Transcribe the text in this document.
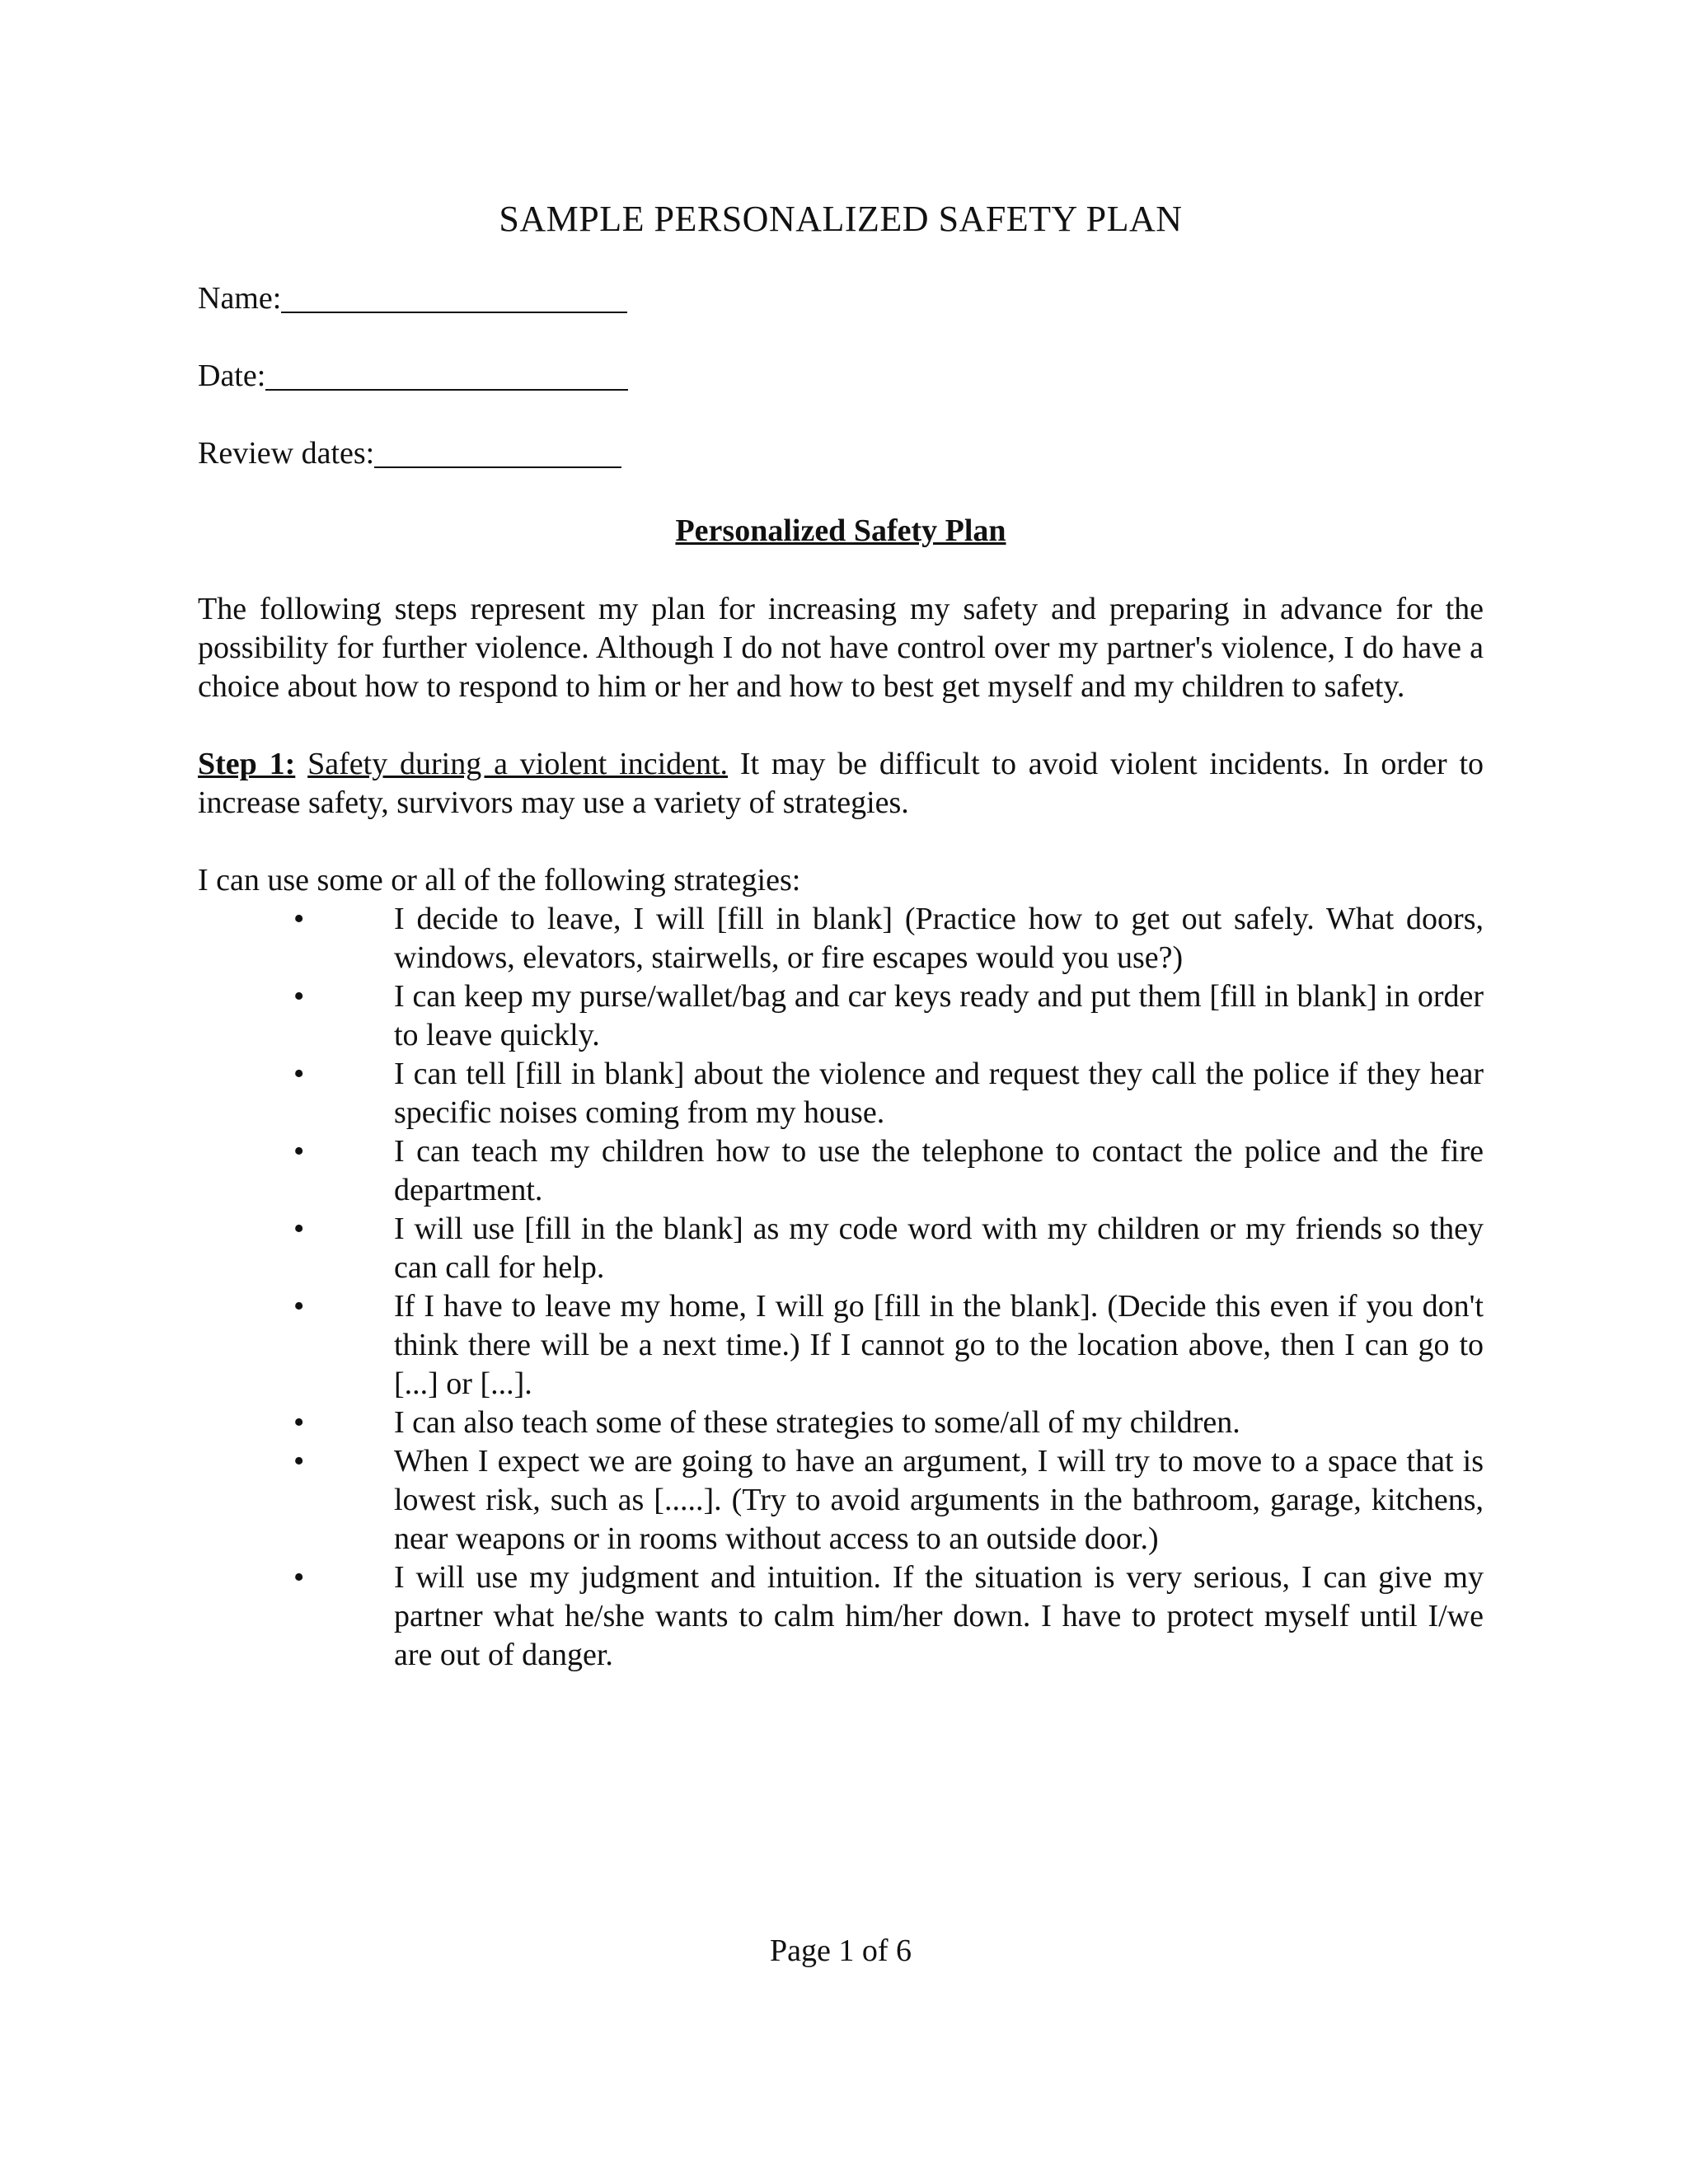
SAMPLE PERSONALIZED SAFETY PLAN
Name:
Date:
Review dates:
Personalized Safety Plan
The following steps represent my plan for increasing my safety and preparing in advance for the possibility for further violence. Although I do not have control over my partner's violence, I do have a choice about how to respond to him or her and how to best get myself and my children to safety.
Step 1: Safety during a violent incident. It may be difficult to avoid violent incidents. In order to increase safety, survivors may use a variety of strategies.
I can use some or all of the following strategies:
•	I decide to leave, I will [fill in blank] (Practice how to get out safely. What doors, windows, elevators, stairwells, or fire escapes would you use?)
•	I can keep my purse/wallet/bag and car keys ready and put them [fill in blank] in order to leave quickly.
•	I can tell [fill in blank] about the violence and request they call the police if they hear specific noises coming from my house.
•	I can teach my children how to use the telephone to contact the police and the fire department.
•	I will use [fill in the blank] as my code word with my children or my friends so they can call for help.
•	If I have to leave my home, I will go [fill in the blank]. (Decide this even if you don't think there will be a next time.) If I cannot go to the location above, then I can go to [...] or [...].
•	I can also teach some of these strategies to some/all of my children.
•	When I expect we are going to have an argument, I will try to move to a space that is lowest risk, such as [.....]. (Try to avoid arguments in the bathroom, garage, kitchens, near weapons or in rooms without access to an outside door.)
•	I will use my judgment and intuition. If the situation is very serious, I can give my partner what he/she wants to calm him/her down. I have to protect myself until I/we are out of danger.
Page 1 of 6
